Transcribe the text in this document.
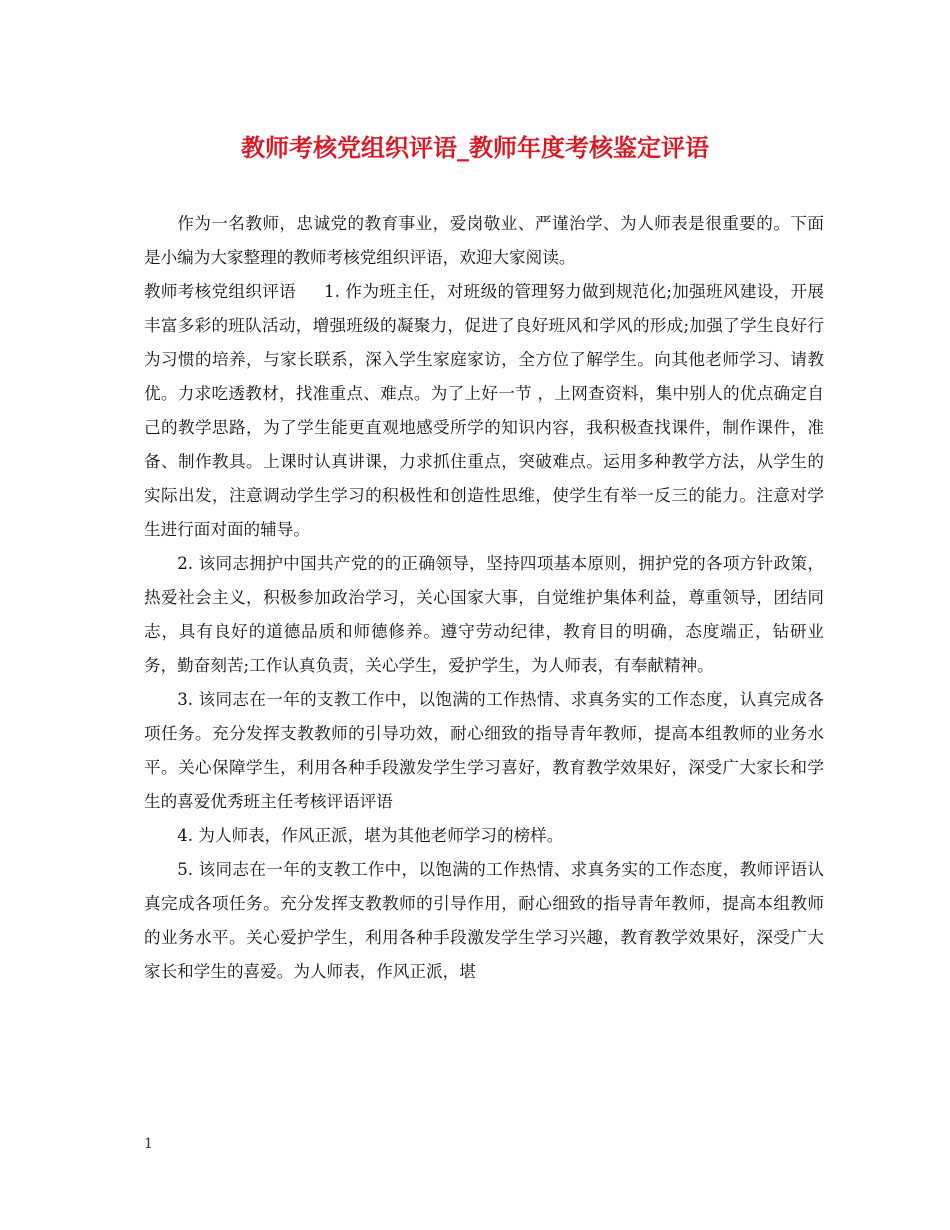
教师考核党组织评语_教师年度考核鉴定评语

作为一名教师，忠诚党的教育事业，爱岗敬业、严谨治学、为人师表是很重要的。下面是小编为大家整理的教师考核党组织评语，欢迎大家阅读。

教师考核党组织评语 1. 作为班主任，对班级的管理努力做到规范化;加强班风建设，开展丰富多彩的班队活动，增强班级的凝聚力，促进了良好班风和学风的形成;加强了学生良好行为习惯的培养，与家长联系，深入学生家庭家访，全方位了解学生。向其他老师学习、请教优。力求吃透教材，找准重点、难点。为了上好一节 ，上网查资料，集中别人的优点确定自己的教学思路，为了学生能更直观地感受所学的知识内容，我积极查找课件，制作课件，准备、制作教具。上课时认真讲课，力求抓住重点，突破难点。运用多种教学方法，从学生的实际出发，注意调动学生学习的积极性和创造性思维，使学生有举一反三的能力。注意对学生进行面对面的辅导。

2. 该同志拥护中国共产党的的正确领导，坚持四项基本原则，拥护党的各项方针政策，热爱社会主义，积极参加政治学习，关心国家大事，自觉维护集体利益，尊重领导，团结同志，具有良好的道德品质和师德修养。遵守劳动纪律，教育目的明确，态度端正，钻研业务，勤奋刻苦;工作认真负责，关心学生，爱护学生，为人师表，有奉献精神。

3. 该同志在一年的支教工作中，以饱满的工作热情、求真务实的工作态度，认真完成各项任务。充分发挥支教教师的引导功效，耐心细致的指导青年教师，提高本组教师的业务水平。关心保障学生，利用各种手段激发学生学习喜好，教育教学效果好，深受广大家长和学生的喜爱优秀班主任考核评语评语

4. 为人师表，作风正派，堪为其他老师学习的榜样。

5. 该同志在一年的支教工作中，以饱满的工作热情、求真务实的工作态度，教师评语认真完成各项任务。充分发挥支教教师的引导作用，耐心细致的指导青年教师，提高本组教师的业务水平。关心爱护学生，利用各种手段激发学生学习兴趣，教育教学效果好，深受广大家长和学生的喜爱。为人师表，作风正派，堪

1
